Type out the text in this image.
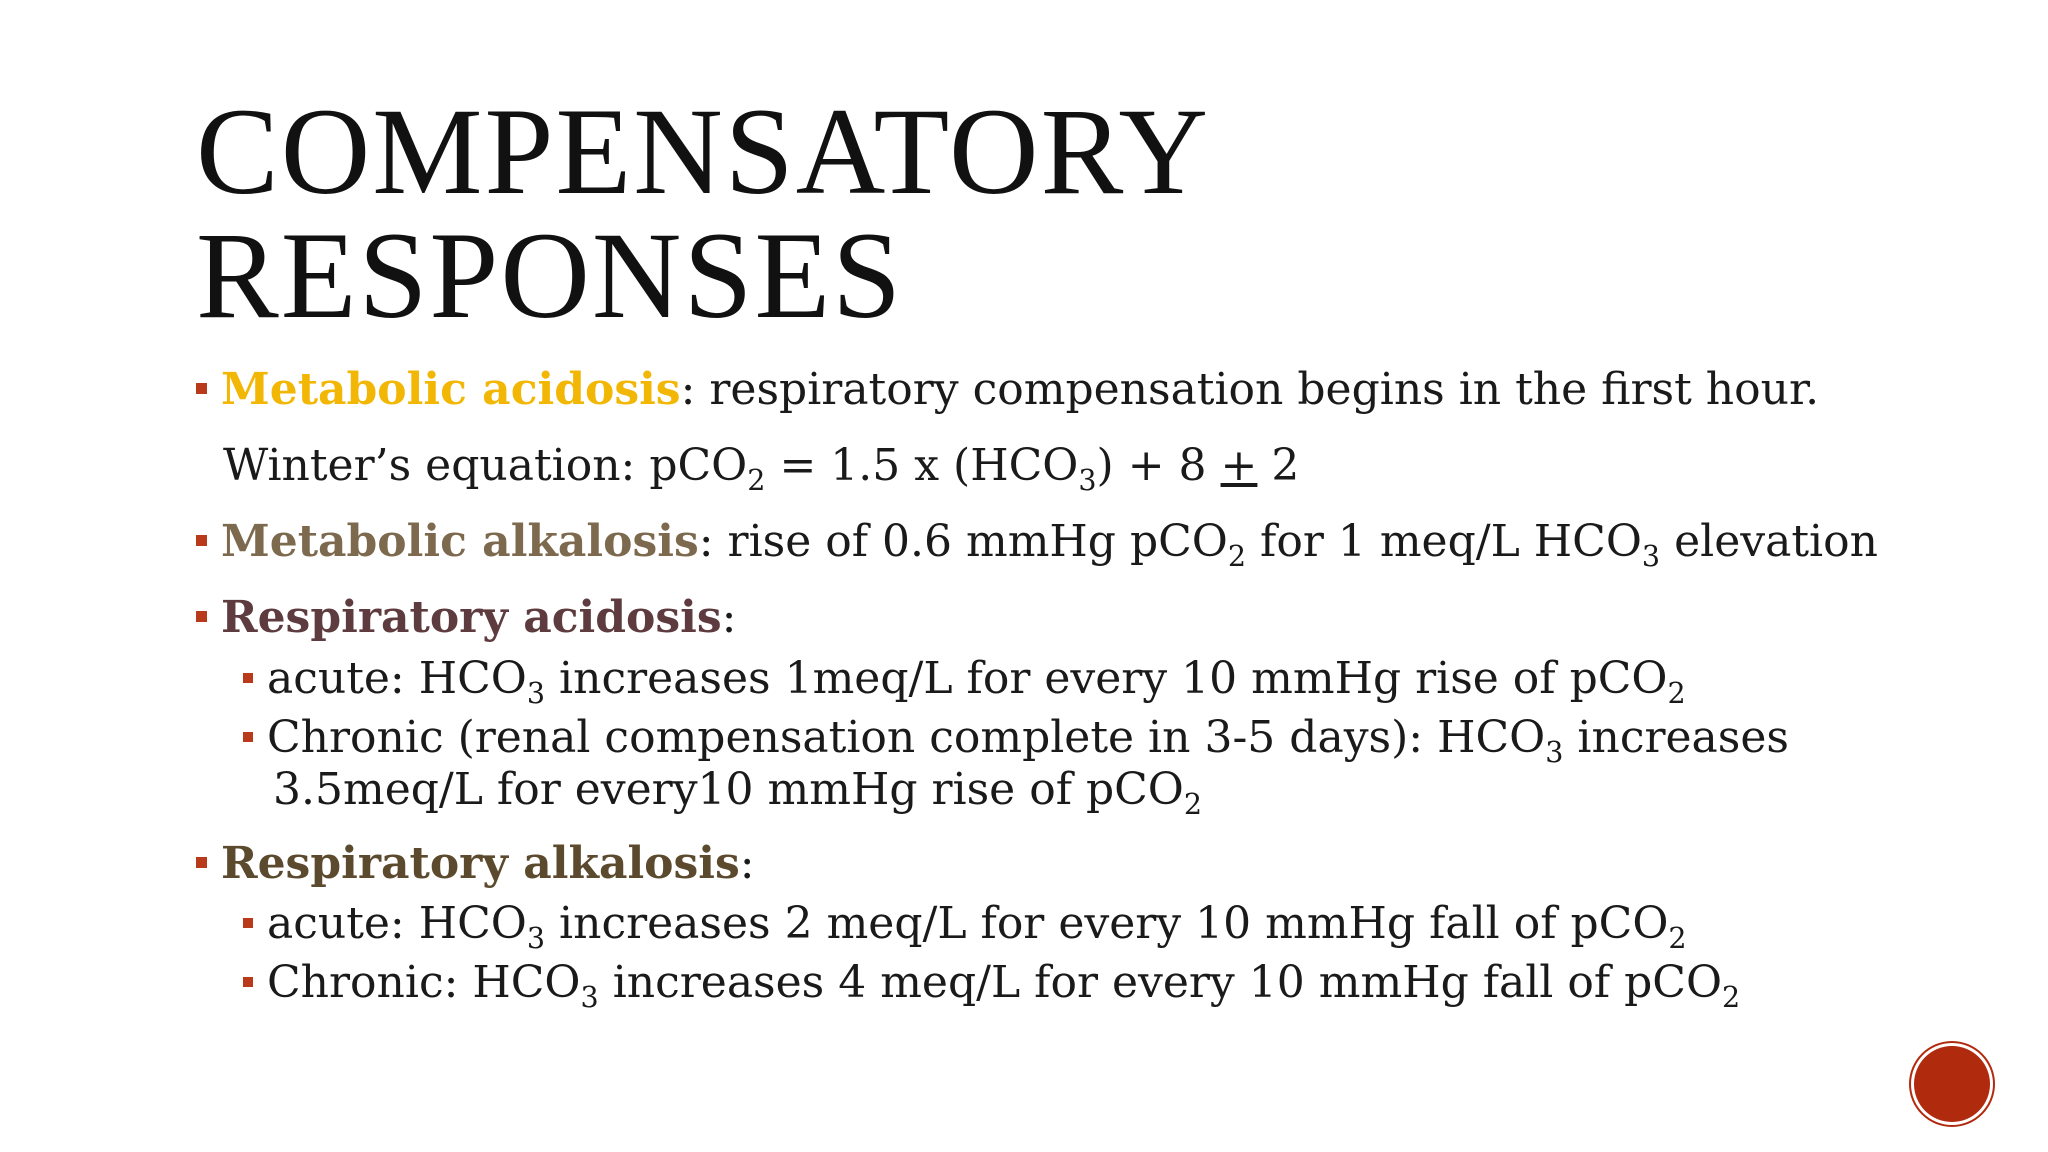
COMPENSATORY
RESPONSES
Metabolic acidosis: respiratory compensation begins in the first hour.
Winter’s equation: pCO$_2$ = 1.5 x $(HCO_3) + 8 + 2$
Metabolic alkalosis: rise of 0.6 mmHg pCO$_2$ for 1 meq/L $HCO_3$ elevation
Respiratory acidosis:
acute: $HCO_3$ increases 1meq/L for every 10 mmHg rise of pCO$_2$
Chronic (renal compensation complete in 3-5 days): $HCO_3$ increases
3.5meq/L for every10 mmHg rise of pCO$_2$
Respiratory alkalosis:
acute: $HCO_3$ increases 2 meq/L for every 10 mmHg fall of pCO$_2$
Chronic: $HCO_3$ increases 4 meq/L for every 10 mmHg fall of pCO$_2$
